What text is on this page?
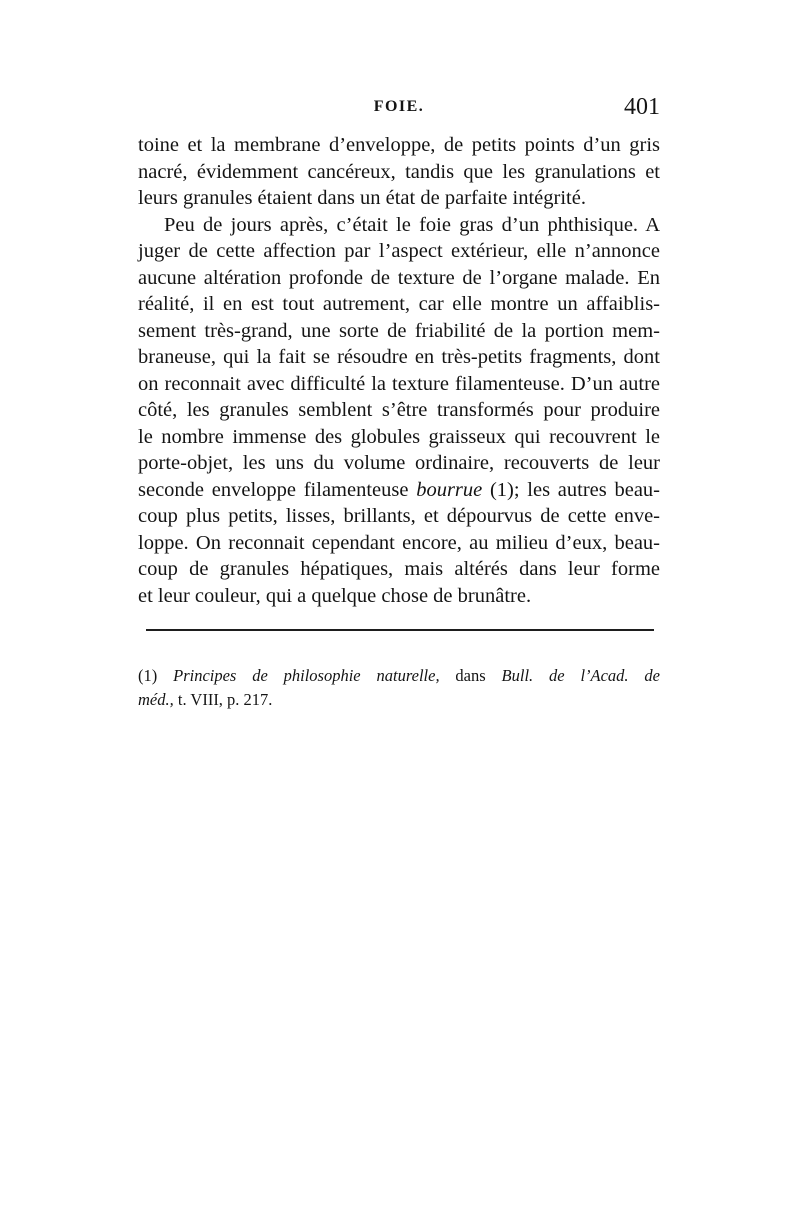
FOIE.	401
toine et la membrane d’enveloppe, de petits points d’un gris
nacré, évidemment cancéreux, tandis que les granulations et
leurs granules étaient dans un état de parfaite intégrité.
Peu de jours après, c’était le foie gras d’un phthisique. A
juger de cette affection par l’aspect extérieur, elle n’annonce
aucune altération profonde de texture de l’organe malade. En
réalité, il en est tout autrement, car elle montre un affaiblis-
sement très-grand, une sorte de friabilité de la portion mem-
braneuse, qui la fait se résoudre en très-petits fragments, dont
on reconnait avec difficulté la texture filamenteuse. D’un autre
côté, les granules semblent s’être transformés pour produire
le nombre immense des globules graisseux qui recouvrent le
porte-objet, les uns du volume ordinaire, recouverts de leur
seconde enveloppe filamenteuse bourrue (1); les autres beau-
coup plus petits, lisses, brillants, et dépourvus de cette enve-
loppe. On reconnait cependant encore, au milieu d’eux, beau-
coup de granules hépatiques, mais altérés dans leur forme
et leur couleur, qui a quelque chose de brunâtre.
(1) Principes de philosophie naturelle, dans Bull. de l’Acad. de
méd., t. VIII, p. 217.
